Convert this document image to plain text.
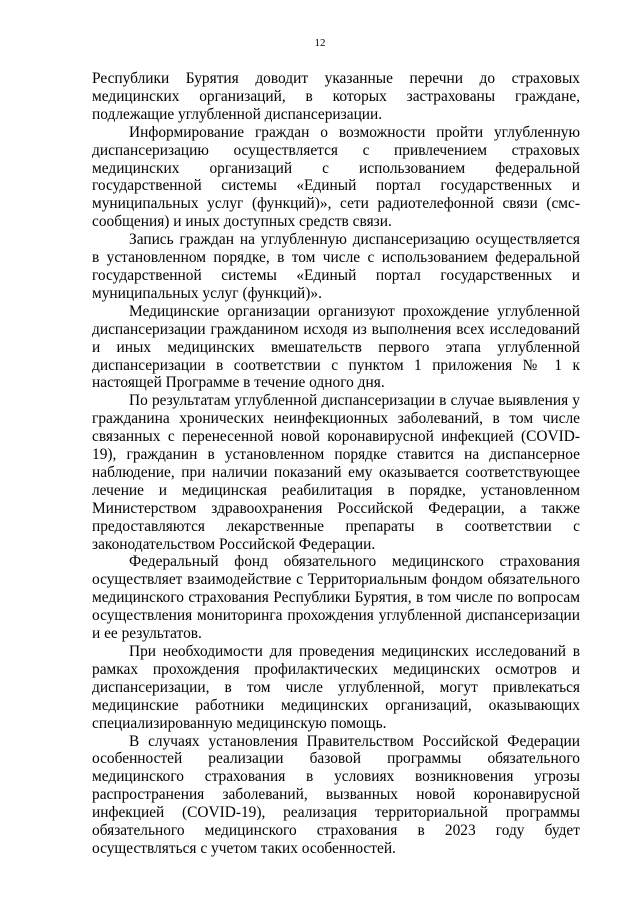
12

Республики Бурятия доводит указанные перечни до страховых медицинских организаций, в которых застрахованы граждане, подлежащие углубленной диспансеризации.

Информирование граждан о возможности пройти углубленную диспансеризацию осуществляется с привлечением страховых медицинских организаций с использованием федеральной государственной системы «Единый портал государственных и муниципальных услуг (функций)», сети радиотелефонной связи (смс-сообщения) и иных доступных средств связи.

Запись граждан на углубленную диспансеризацию осуществляется в установленном порядке, в том числе с использованием федеральной государственной системы «Единый портал государственных и муниципальных услуг (функций)».

Медицинские организации организуют прохождение углубленной диспансеризации гражданином исходя из выполнения всех исследований и иных медицинских вмешательств первого этапа углубленной диспансеризации в соответствии с пунктом 1 приложения № 1 к настоящей Программе в течение одного дня.

По результатам углубленной диспансеризации в случае выявления у гражданина хронических неинфекционных заболеваний, в том числе связанных с перенесенной новой коронавирусной инфекцией (COVID-19), гражданин в установленном порядке ставится на диспансерное наблюдение, при наличии показаний ему оказывается соответствующее лечение и медицинская реабилитация в порядке, установленном Министерством здравоохранения Российской Федерации, а также предоставляются лекарственные препараты в соответствии с законодательством Российской Федерации.

Федеральный фонд обязательного медицинского страхования осуществляет взаимодействие с Территориальным фондом обязательного медицинского страхования Республики Бурятия, в том числе по вопросам осуществления мониторинга прохождения углубленной диспансеризации и ее результатов.

При необходимости для проведения медицинских исследований в рамках прохождения профилактических медицинских осмотров и диспансеризации, в том числе углубленной, могут привлекаться медицинские работники медицинских организаций, оказывающих специализированную медицинскую помощь.

В случаях установления Правительством Российской Федерации особенностей реализации базовой программы обязательного медицинского страхования в условиях возникновения угрозы распространения заболеваний, вызванных новой коронавирусной инфекцией (COVID-19), реализация территориальной программы обязательного медицинского страхования в 2023 году будет осуществляться с учетом таких особенностей.
